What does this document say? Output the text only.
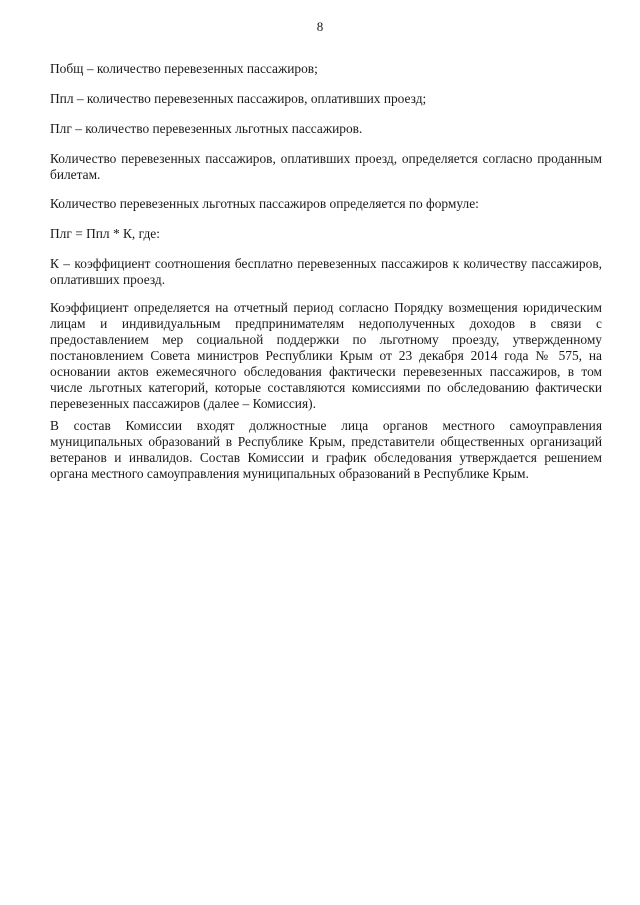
8

Побщ – количество перевезенных пассажиров;

Ппл – количество перевезенных пассажиров, оплативших проезд;

Плг – количество перевезенных льготных пассажиров.

Количество перевезенных пассажиров, оплативших проезд, определяется согласно проданным билетам.

Количество перевезенных льготных пассажиров определяется по формуле:

Плг = Ппл * К, где:

К – коэффициент соотношения бесплатно перевезенных пассажиров к количеству пассажиров, оплативших проезд.

Коэффициент определяется на отчетный период согласно Порядку возмещения юридическим лицам и индивидуальным предпринимателям недополученных доходов в связи с предоставлением мер социальной поддержки по льготному проезду, утвержденному постановлением Совета министров Республики Крым от 23 декабря 2014 года № 575, на основании актов ежемесячного обследования фактически перевезенных пассажиров, в том числе льготных категорий, которые составляются комиссиями по обследованию фактически перевезенных пассажиров (далее – Комиссия).

В состав Комиссии входят должностные лица органов местного самоуправления муниципальных образований в Республике Крым, представители общественных организаций ветеранов и инвалидов. Состав Комиссии и график обследования утверждается решением органа местного самоуправления муниципальных образований в Республике Крым.
